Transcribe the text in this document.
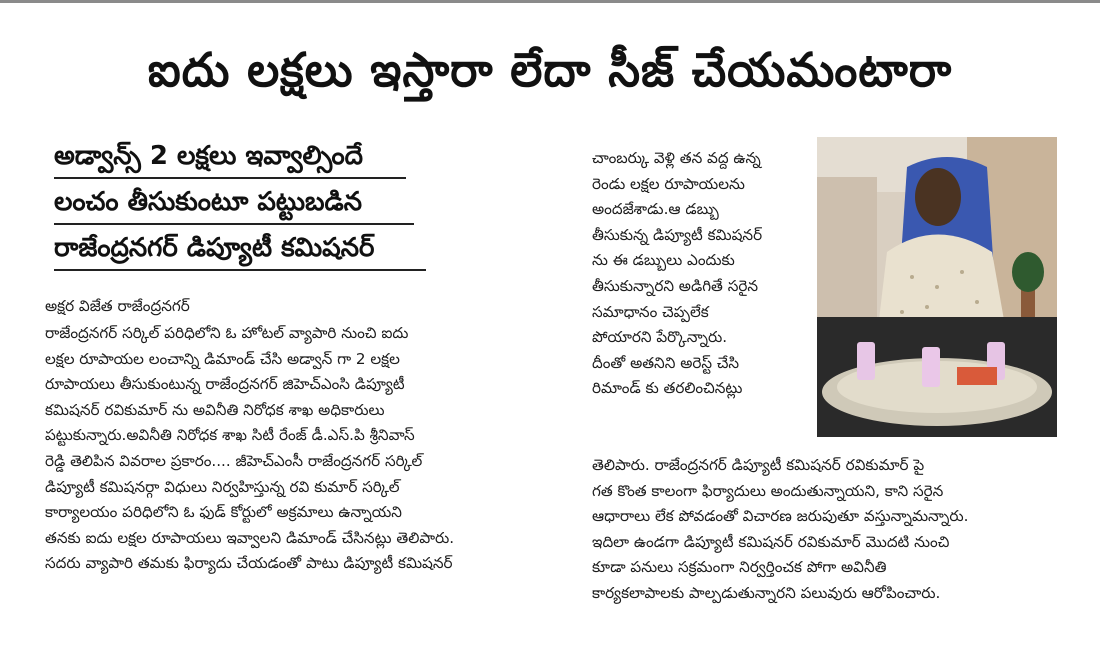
ఐదు లక్షలు ఇస్తారా లేదా సీజ్ చేయమంటారా
అడ్వాన్స్ 2 లక్షలు ఇవ్వాల్సిందే
లంచం తీసుకుంటూ పట్టుబడిన
రాజేంద్రనగర్ డిప్యూటీ కమిషనర్
అక్షర విజేత రాజేంద్రనగర్
రాజేంద్రనగర్ సర్కిల్ పరిధిలోని ఓ హోటల్ వ్యాపారి నుంచి ఐదు
లక్షల రూపాయల లంచాన్ని డిమాండ్ చేసి అడ్వాన్ గా 2 లక్షల
రూపాయలు తీసుకుంటున్న రాజేంద్రనగర్ జిహెచ్ఎంసి డిప్యూటీ
కమిషనర్ రవికుమార్ ను అవినీతి నిరోధక శాఖ అధికారులు
పట్టుకున్నారు.అవినీతి నిరోధక శాఖ సిటీ రేంజ్ డీ.ఎస్.పి శ్రీనివాస్
రెడ్డి తెలిపిన వివరాల ప్రకారం.... జీహెచ్ఎంసీ రాజేంద్రనగర్ సర్కిల్
డిప్యూటీ కమిషనర్గా విధులు నిర్వహిస్తున్న రవి కుమార్ సర్కిల్
కార్యాలయం పరిధిలోని ఓ ఫుడ్ కోర్టులో అక్రమాలు ఉన్నాయని
తనకు ఐదు లక్షల రూపాయలు ఇవ్వాలని డిమాండ్ చేసినట్లు తెలిపారు.
సదరు వ్యాపారి తమకు ఫిర్యాదు చేయడంతో పాటు డిప్యూటీ కమిషనర్
చాంబర్కు వెళ్లి తన వద్ద ఉన్న
రెండు లక్షల రూపాయలను
అందజేశాడు.ఆ డబ్బు
తీసుకున్న డిప్యూటీ కమిషనర్
ను ఈ డబ్బులు ఎందుకు
తీసుకున్నారని అడిగితే సరైన
సమాధానం చెప్పలేక
పోయారని పేర్కొన్నారు.
దీంతో అతనిని అరెస్ట్ చేసి
రిమాండ్ కు తరలించినట్లు
తెలిపారు. రాజేంద్రనగర్ డిప్యూటీ కమిషనర్ రవికుమార్ పై
గత కొంత కాలంగా ఫిర్యాదులు అందుతున్నాయని, కాని సరైన
ఆధారాలు లేక పోవడంతో విచారణ జరుపుతూ వస్తున్నామన్నారు.
ఇదిలా ఉండగా డిప్యూటీ కమిషనర్ రవికుమార్ మొదటి నుంచి
కూడా పనులు సక్రమంగా నిర్వర్తించక పోగా అవినీతి
కార్యకలాపాలకు పాల్పడుతున్నారని పలువురు ఆరోపించారు.
